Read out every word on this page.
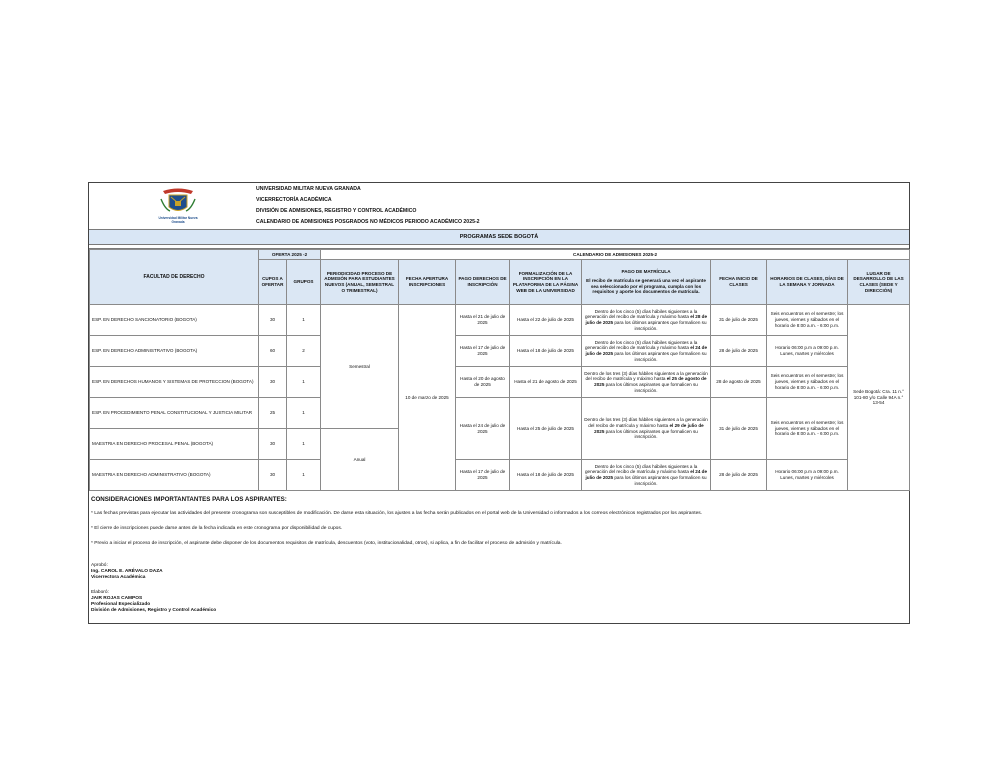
Universidad Militar Nueva Granada
UNIVERSIDAD MILITAR NUEVA GRANADA
VICERRECTORÍA ACADÉMICA
DIVISIÓN DE ADMISIONES, REGISTRO Y CONTROL ACADÉMICO
CALENDARIO DE ADMISIONES POSGRADOS NO MÉDICOS PERIODO ACADÉMICO 2025-2
PROGRAMAS SEDE BOGOTÁ
FACULTAD DE DERECHO	OFERTA 2025 -2		CALENDARIO DE ADMISIONES 2025-2							
	CUPOS A OFERTAR	GRUPOS	PERIODICIDAD PROCESO DE ADMISIÓN PARA ESTUDIANTES NUEVOS (ANUAL, SEMESTRAL O TRIMESTRAL)	FECHA APERTURA INSCRIPCIONES	PAGO DERECHOS DE INSCRIPCIÓN	FORMALIZACIÓN DE LA INSCRIPCIÓN EN LA PLATAFORMA DE LA PÁGINA WEB DE LA UNIVERSIDAD	PAGO DE MATRÍCULA
El recibo de matrícula se generará una vez el aspirante sea seleccionado por el programa, cumpla con los requisitos y aporte los documentos de matrícula.	FECHA INICIO DE CLASES	HORARIOS DE CLASES, DÍAS DE LA SEMANA Y JORNADA	LUGAR DE DESARROLLO DE LAS CLASES (SEDE Y DIRECCIÓN)
ESP. EN DERECHO SANCIONATORIO (BOGOTA)	30	1	Semestral	10 de marzo de 2025	Hasta el 21 de julio de 2025	Hasta el 22 de julio de 2025	Dentro de los cinco (5) días hábiles siguientes a la generación del recibo de matrícula y máximo hasta el 28 de julio de 2025 para los últimos aspirantes que formalicen su inscripción.	31 de julio de 2025	Seis encuentros en el semestre; los jueves, viernes y sábados en el horario de 8:00 a.m. - 6:00 p.m.	Sede Bogotá: Cra. 11 n.° 101-80 y/o Calle 94A n.° 13-54
ESP. EN DERECHO ADMINISTRATIVO (BOGOTA)	60	2			Hasta el 17 de julio de 2025	Hasta el 18 de julio de 2025	Dentro de los cinco (5) días hábiles siguientes a la generación del recibo de matrícula y máximo hasta el 24 de julio de 2025 para los últimos aspirantes que formalicen su inscripción.	28 de julio de 2025	Horario 06:00 p.m a 09:00 p.m. Lunes, martes y miércoles	
ESP. EN DERECHOS HUMANOS Y SISTEMAS DE PROTECCION (BOGOTA)	30	1			Hasta el 20 de agosto de 2025	Hasta el 21 de agosto de 2025	Dentro de los tres (3) días hábiles siguientes a la generación del recibo de matrícula y máximo hasta el 25 de agosto de 2025 para los últimos aspirantes que formalicen su inscripción.	28 de agosto de 2025	Seis encuentros en el semestre; los jueves, viernes y sábados en el horario de 8:00 a.m. - 6:00 p.m.	
ESP. EN PROCEDIMIENTO PENAL CONSTITUCIONAL Y JUSTICIA MILITAR	25	1			Hasta el 24 de julio de 2025	Hasta el 25 de julio de 2025	Dentro de los tres (3) días hábiles siguientes a la generación del recibo de matrícula y máximo hasta el 29 de julio de 2025 para los últimos aspirantes que formalicen su inscripción.	31 de julio de 2025	Seis encuentros en el semestre; los jueves, viernes y sábados en el horario de 8:00 a.m. - 6:00 p.m.	
MAESTRIA EN DERECHO PROCESAL PENAL (BOGOTA)	30	1	Anual							
MAESTRIA EN DERECHO ADMINISTRATIVO (BOGOTA)	30	1			Hasta el 17 de julio de 2025	Hasta el 18 de julio de 2025	Dentro de los cinco (5) días hábiles siguientes a la generación del recibo de matrícula y máximo hasta el 24 de julio de 2025 para los últimos aspirantes que formalicen su inscripción.	28 de julio de 2025	Horario 06:00 p.m a 09:00 p.m. Lunes, martes y miércoles	
CONSIDERACIONES IMPORTANTANTES PARA LOS ASPIRANTES:
* Las fechas previstas para ejecutar las actividades del presente cronograma son susceptibles de modificación. De darse esta situación, los ajustes a las fecha serán publicados en el portal web de la Universidad o informados a los correos electrónicos registrados por los aspirantes.
* El cierre de inscripciones puede darse antes de la fecha indicada en este cronograma por disponibilidad de cupos.
* Previo a iniciar el proceso de inscripción, el aspirante debe disponer de los documentos requisitos de matrícula, descuentos (voto, institucionalidad, otros), si aplica, a fin de facilitar el proceso de admisión y matrícula.
Aprobó:
Ing. CAROL E. ARÉVALO DAZA
Vicerrectora Académica
Elaboró:
JAIR ROJAS CAMPOS
Profesional Especializado
División de Admisiones, Registro y Control Académico
